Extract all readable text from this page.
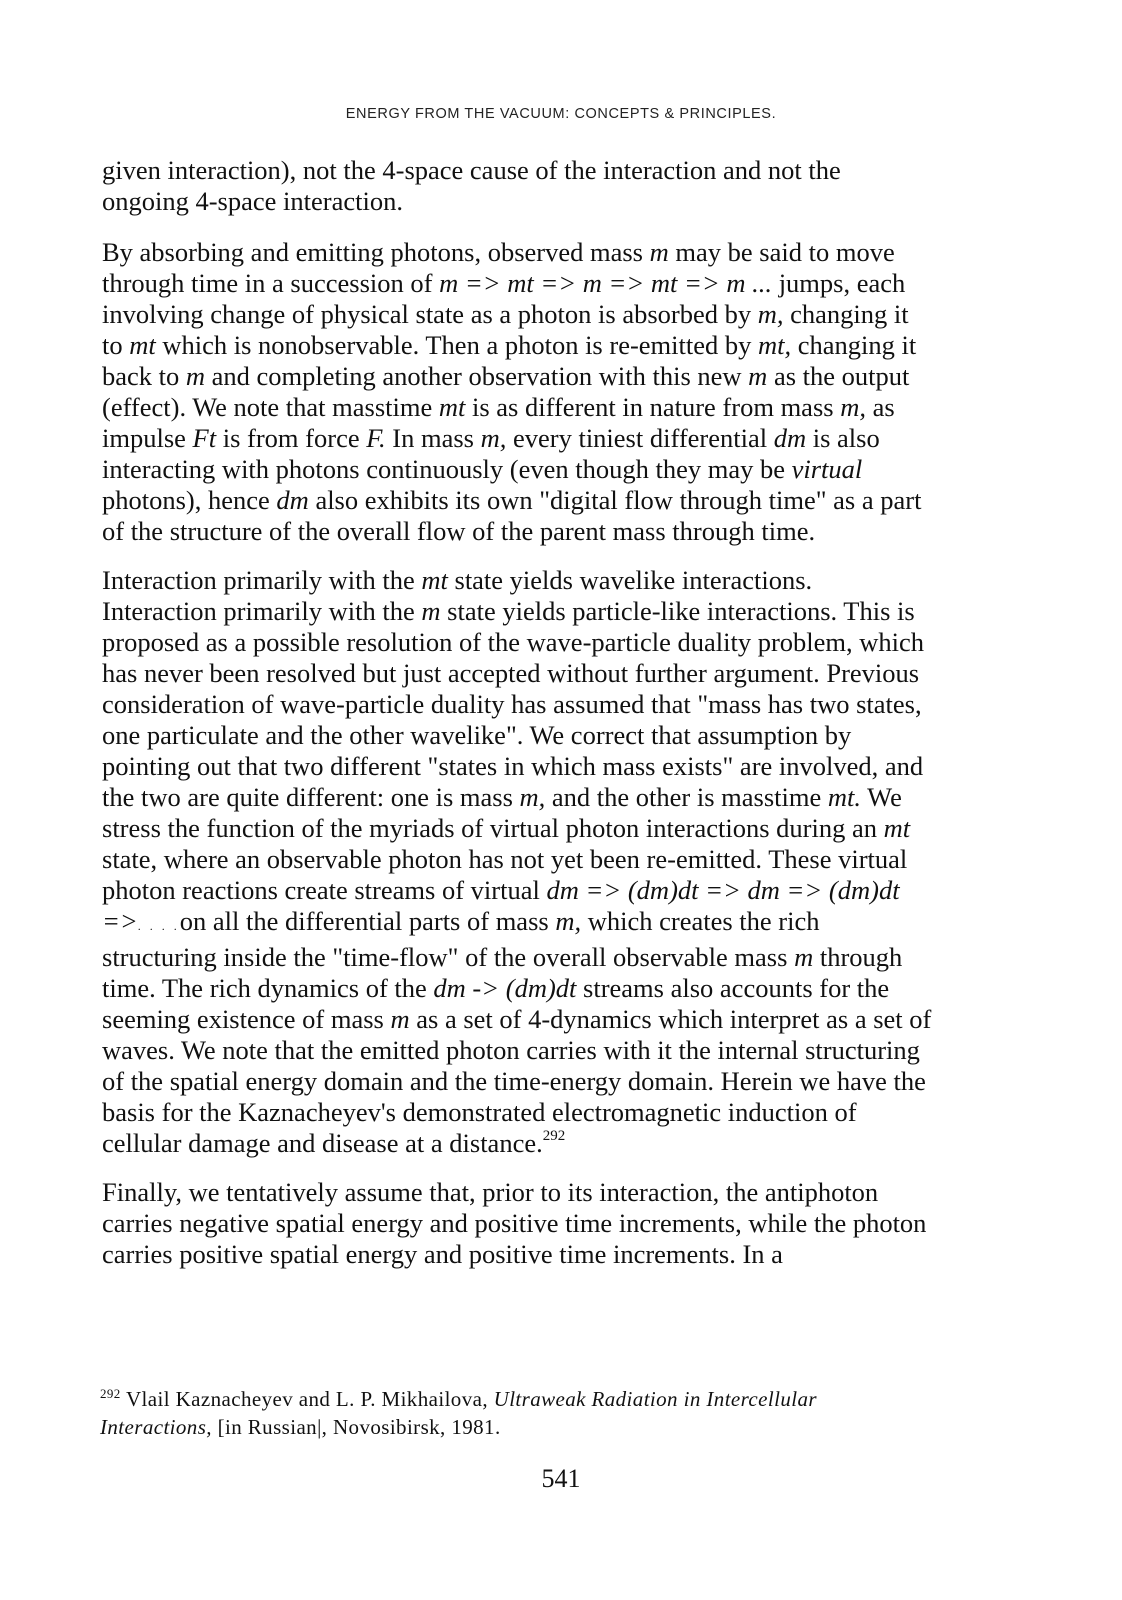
ENERGY FROM THE VACUUM: CONCEPTS & PRINCIPLES.

given interaction), not the 4-space cause of the interaction and not the ongoing 4-space interaction.

By absorbing and emitting photons, observed mass m may be said to move through time in a succession of m => mt => m => mt => m ... jumps, each involving change of physical state as a photon is absorbed by m, changing it to mt which is nonobservable. Then a photon is re-emitted by mt, changing it back to m and completing another observation with this new m as the output (effect). We note that masstime mt is as different in nature from mass m, as impulse Ft is from force F. In mass m, every tiniest differential dm is also interacting with photons continuously (even though they may be virtual photons), hence dm also exhibits its own "digital flow through time" as a part of the structure of the overall flow of the parent mass through time.

Interaction primarily with the mt state yields wavelike interactions. Interaction primarily with the m state yields particle-like interactions. This is proposed as a possible resolution of the wave-particle duality problem, which has never been resolved but just accepted without further argument. Previous consideration of wave-particle duality has assumed that "mass has two states, one particulate and the other wavelike". We correct that assumption by pointing out that two different "states in which mass exists" are involved, and the two are quite different: one is mass m, and the other is masstime mt. We stress the function of the myriads of virtual photon interactions during an mt state, where an observable photon has not yet been re-emitted. These virtual photon reactions create streams of virtual dm => (dm)dt => dm => (dm)dt =>. . . .on all the differential parts of mass m, which creates the rich structuring inside the "time-flow" of the overall observable mass m through time. The rich dynamics of the dm -> (dm)dt streams also accounts for the seeming existence of mass m as a set of 4-dynamics which interpret as a set of waves. We note that the emitted photon carries with it the internal structuring of the spatial energy domain and the time-energy domain. Herein we have the basis for the Kaznacheyev's demonstrated electromagnetic induction of cellular damage and disease at a distance.$^{292}$

Finally, we tentatively assume that, prior to its interaction, the antiphoton carries negative spatial energy and positive time increments, while the photon carries positive spatial energy and positive time increments. In a

$^{292}$ Vlail Kaznacheyev and L. P. Mikhailova, Ultraweak Radiation in Intercellular Interactions, [in Russian|, Novosibirsk, 1981.
541
